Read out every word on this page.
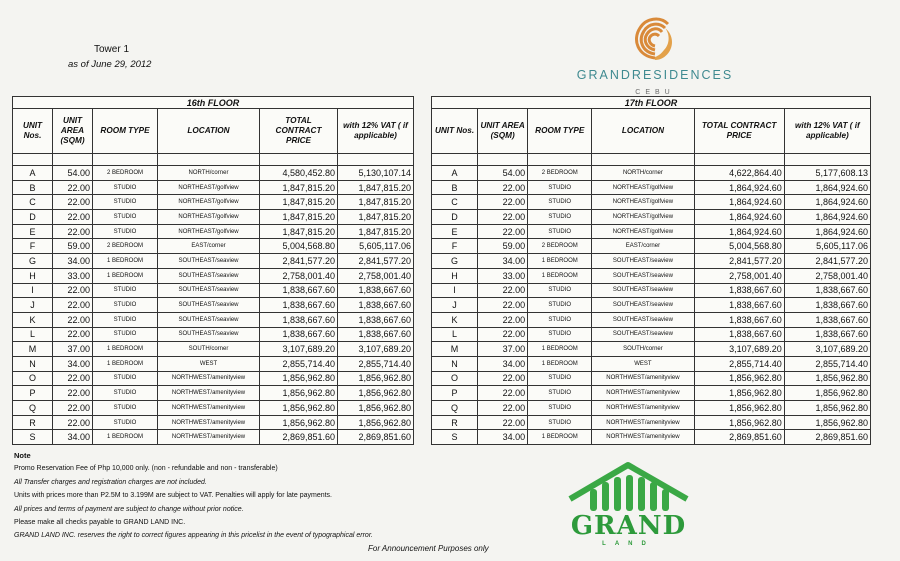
Tower 1
as of June 29, 2012
GRANDRESIDENCES
CEBU
16th FLOOR					
UNIT Nos.	UNIT AREA (SQM)	ROOM TYPE	LOCATION	TOTAL CONTRACT PRICE	with 12% VAT ( if applicable)

A	54.00	2 BEDROOM	NORTH/corner	4,580,452.80	5,130,107.14
B	22.00	STUDIO	NORTHEAST/golfview	1,847,815.20	1,847,815.20
C	22.00	STUDIO	NORTHEAST/golfview	1,847,815.20	1,847,815.20
D	22.00	STUDIO	NORTHEAST/golfview	1,847,815.20	1,847,815.20
E	22.00	STUDIO	NORTHEAST/golfview	1,847,815.20	1,847,815.20
F	59.00	2 BEDROOM	EAST/corner	5,004,568.80	5,605,117.06
G	34.00	1 BEDROOM	SOUTHEAST/seaview	2,841,577.20	2,841,577.20
H	33.00	1 BEDROOM	SOUTHEAST/seaview	2,758,001.40	2,758,001.40
I	22.00	STUDIO	SOUTHEAST/seaview	1,838,667.60	1,838,667.60
J	22.00	STUDIO	SOUTHEAST/seaview	1,838,667.60	1,838,667.60
K	22.00	STUDIO	SOUTHEAST/seaview	1,838,667.60	1,838,667.60
L	22.00	STUDIO	SOUTHEAST/seaview	1,838,667.60	1,838,667.60
M	37.00	1 BEDROOM	SOUTH/corner	3,107,689.20	3,107,689.20
N	34.00	1 BEDROOM	WEST	2,855,714.40	2,855,714.40
O	22.00	STUDIO	NORTHWEST/amenityview	1,856,962.80	1,856,962.80
P	22.00	STUDIO	NORTHWEST/amenityview	1,856,962.80	1,856,962.80
Q	22.00	STUDIO	NORTHWEST/amenityview	1,856,962.80	1,856,962.80
R	22.00	STUDIO	NORTHWEST/amenityview	1,856,962.80	1,856,962.80
S	34.00	1 BEDROOM	NORTHWEST/amenityview	2,869,851.60	2,869,851.60
17th FLOOR					
UNIT Nos.	UNIT AREA (SQM)	ROOM TYPE	LOCATION	TOTAL CONTRACT PRICE	with 12% VAT ( if applicable)

A	54.00	2 BEDROOM	NORTH/corner	4,622,864.40	5,177,608.13
B	22.00	STUDIO	NORTHEAST/golfview	1,864,924.60	1,864,924.60
C	22.00	STUDIO	NORTHEAST/golfview	1,864,924.60	1,864,924.60
D	22.00	STUDIO	NORTHEAST/golfview	1,864,924.60	1,864,924.60
E	22.00	STUDIO	NORTHEAST/golfview	1,864,924.60	1,864,924.60
F	59.00	2 BEDROOM	EAST/corner	5,004,568.80	5,605,117.06
G	34.00	1 BEDROOM	SOUTHEAST/seaview	2,841,577.20	2,841,577.20
H	33.00	1 BEDROOM	SOUTHEAST/seaview	2,758,001.40	2,758,001.40
I	22.00	STUDIO	SOUTHEAST/seaview	1,838,667.60	1,838,667.60
J	22.00	STUDIO	SOUTHEAST/seaview	1,838,667.60	1,838,667.60
K	22.00	STUDIO	SOUTHEAST/seaview	1,838,667.60	1,838,667.60
L	22.00	STUDIO	SOUTHEAST/seaview	1,838,667.60	1,838,667.60
M	37.00	1 BEDROOM	SOUTH/corner	3,107,689.20	3,107,689.20
N	34.00	1 BEDROOM	WEST	2,855,714.40	2,855,714.40
O	22.00	STUDIO	NORTHWEST/amenityview	1,856,962.80	1,856,962.80
P	22.00	STUDIO	NORTHWEST/amenityview	1,856,962.80	1,856,962.80
Q	22.00	STUDIO	NORTHWEST/amenityview	1,856,962.80	1,856,962.80
R	22.00	STUDIO	NORTHWEST/amenityview	1,856,962.80	1,856,962.80
S	34.00	1 BEDROOM	NORTHWEST/amenityview	2,869,851.60	2,869,851.60
Note
Promo Reservation Fee of Php 10,000 only. (non - refundable and non - transferable)
All Transfer charges and registration charges are not included.
Units with prices more than P2.5M to 3.199M are subject to VAT. Penalties will apply for late payments.
All prices and terms of payment are subject to change without prior notice.
Please make all checks payable to GRAND LAND INC.
GRAND LAND INC. reserves the right to correct figures appearing in this pricelist in the event of typographical error.	GRAND
LAND
For Announcement Purposes only
